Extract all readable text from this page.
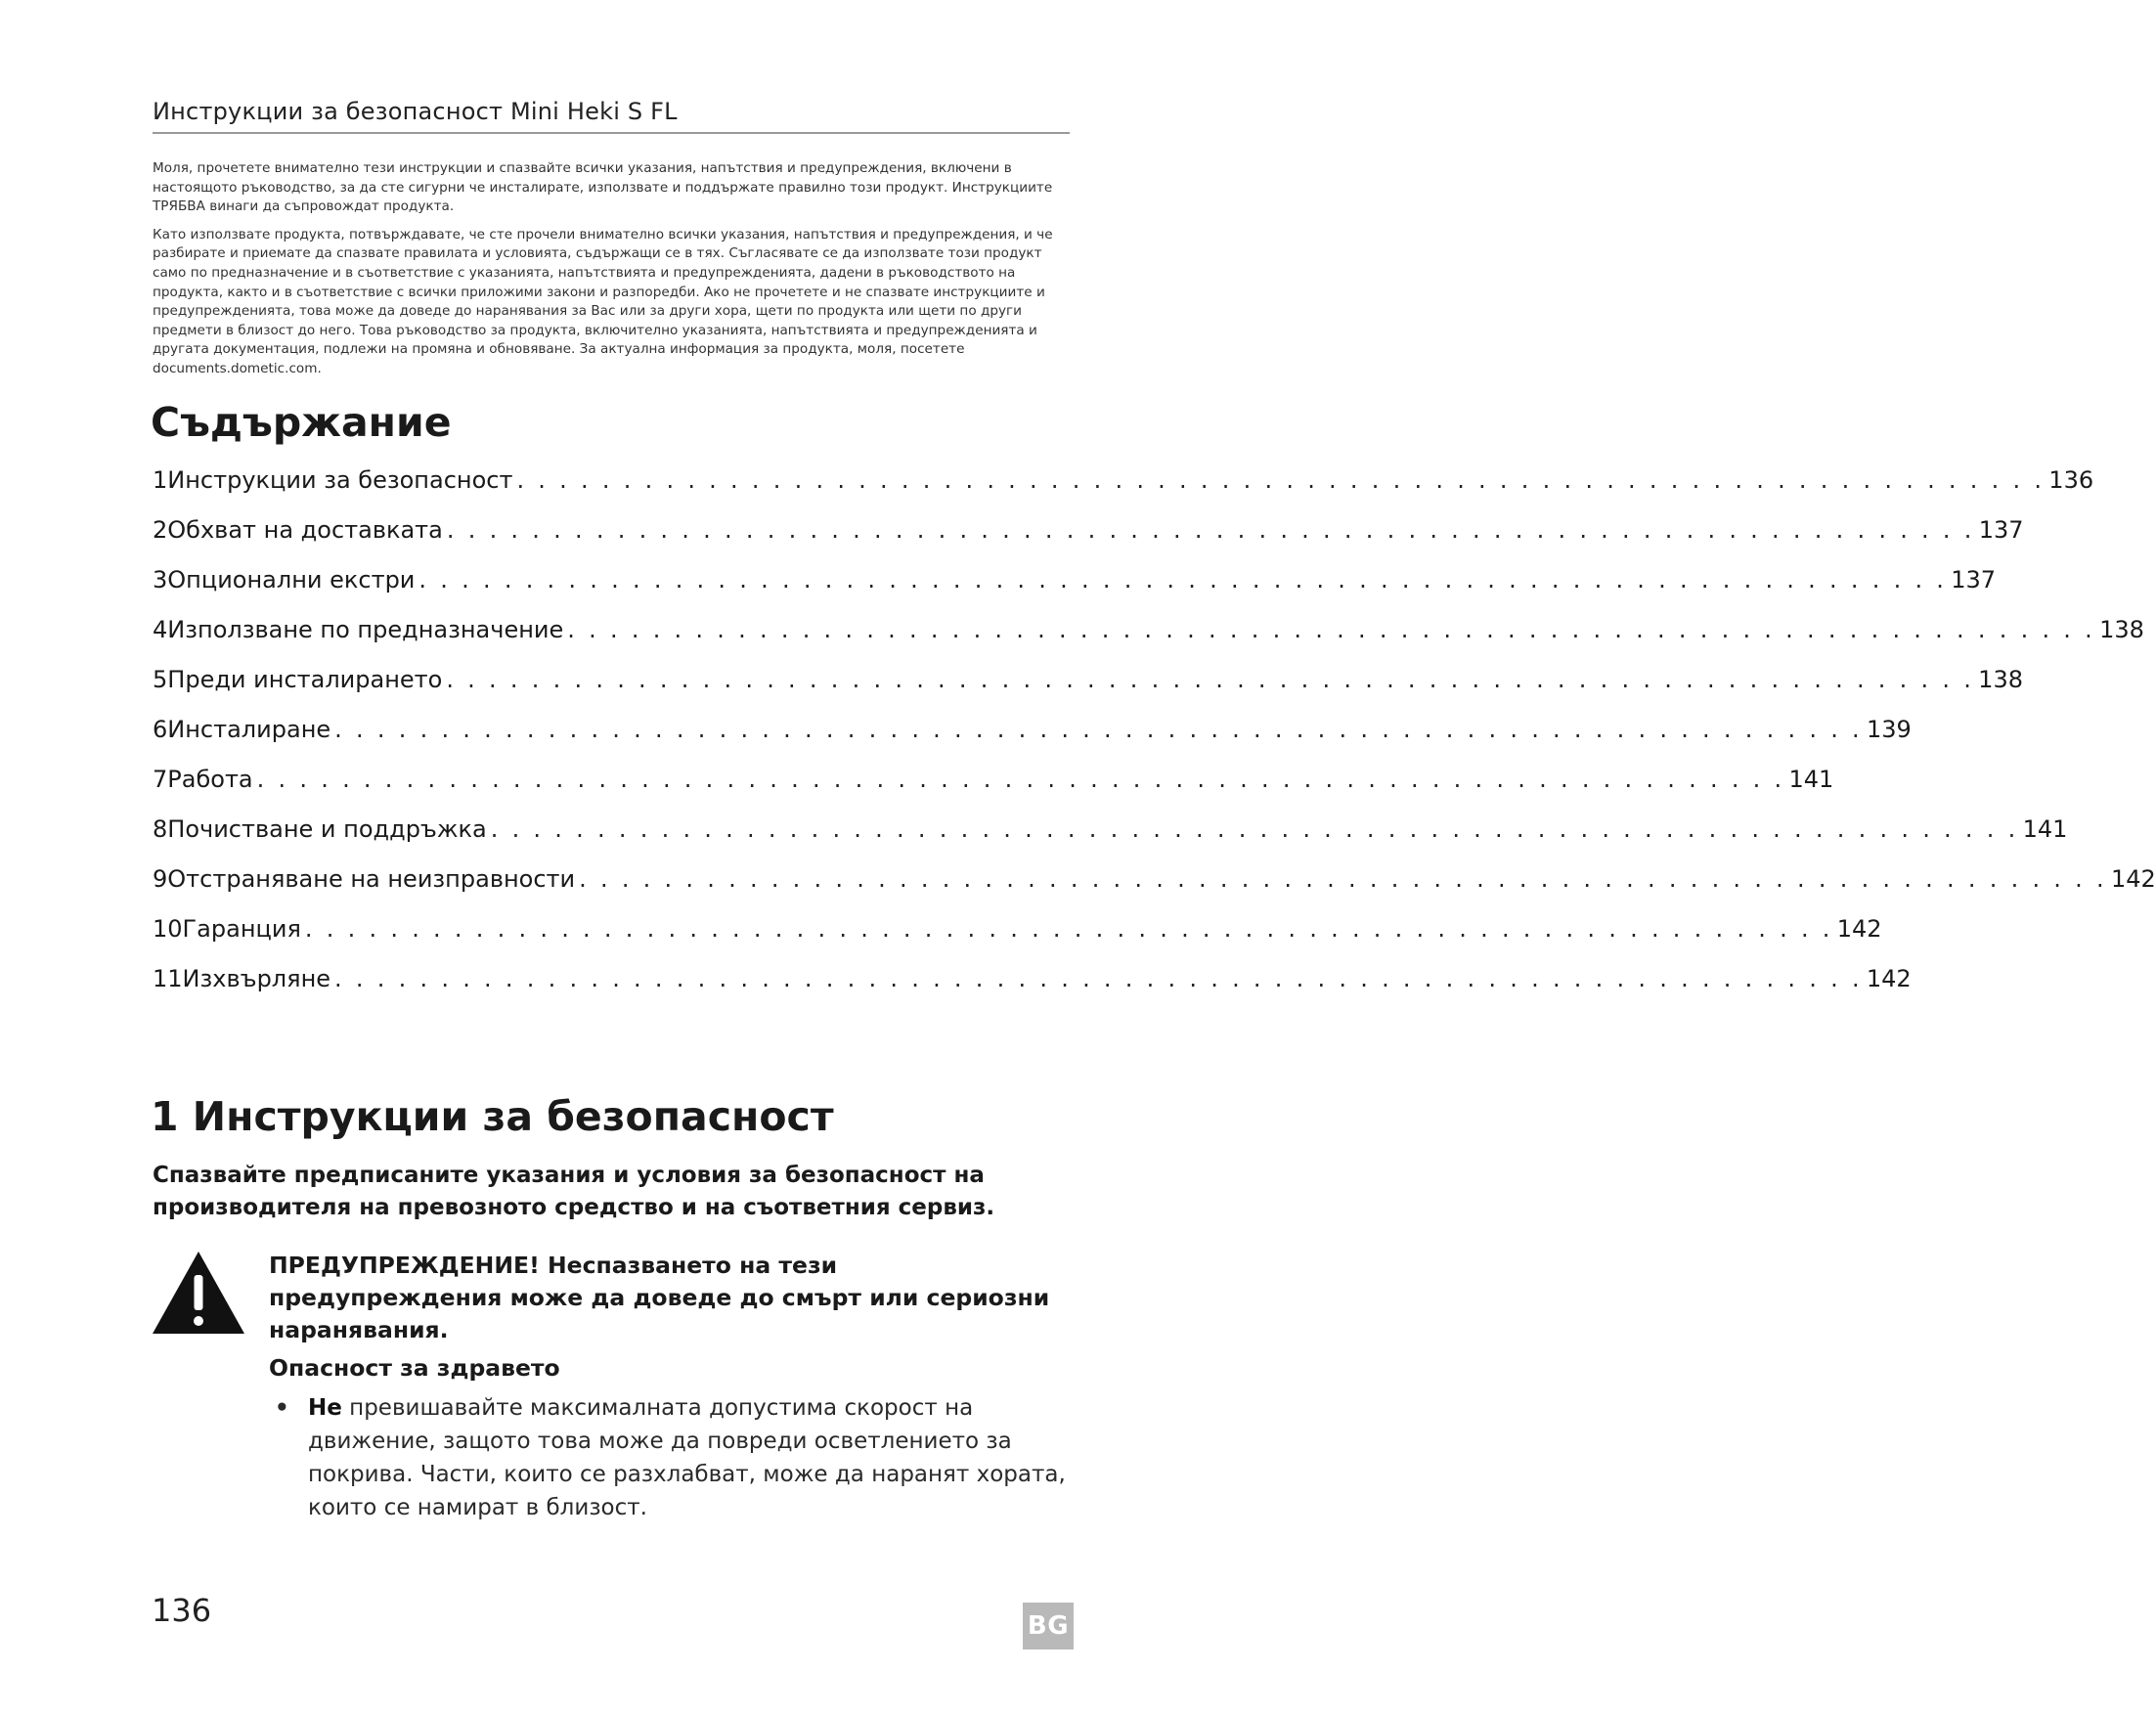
Инструкции за безопасност Mini Heki S FL

Моля, прочетете внимателно тези инструкции и спазвайте всички указания, напътствия и предупреждения, включени в настоящото ръководство, за да сте сигурни че инсталирате, използвате и поддържате правилно този продукт. Инструкциите ТРЯБВА винаги да съпровождат продукта.

Като използвате продукта, потвърждавате, че сте прочели внимателно всички указания, напътствия и предупреждения, и че разбирате и приемате да спазвате правилата и условията, съдържащи се в тях. Съгласявате се да използвате този продукт само по предназначение и в съответствие с указанията, напътствията и предупрежденията, дадени в ръководството на продукта, както и в съответствие с всички приложими закони и разпоредби. Ако не прочетете и не спазвате инструкциите и предупрежденията, това може да доведе до наранявания за Вас или за други хора, щети по продукта или щети по други предмети в близост до него. Това ръководство за продукта, включително указанията, напътствията и предупрежденията и другата документация, подлежи на промяна и обновяване. За актуална информация за продукта, моля, посетете documents.dometic.com.

Съдържание
1 Инструкции за безопасност . . . . . . . . . . . . . . . . . . . . . . . . . . . . . . . . . . . . . . . . . . . . . . . . . . . . . . . . . . . . . . . . . . . . . . . . 136
2 Обхват на доставката . . . . . . . . . . . . . . . . . . . . . . . . . . . . . . . . . . . . . . . . . . . . . . . . . . . . . . . . . . . . . . . . . . . . . . . . 137
3 Опционални екстри . . . . . . . . . . . . . . . . . . . . . . . . . . . . . . . . . . . . . . . . . . . . . . . . . . . . . . . . . . . . . . . . . . . . . . . . 137
4 Използване по предназначение . . . . . . . . . . . . . . . . . . . . . . . . . . . . . . . . . . . . . . . . . . . . . . . . . . . . . . . . . . . . . . . . . . . . . . . . 138
5 Преди инсталирането . . . . . . . . . . . . . . . . . . . . . . . . . . . . . . . . . . . . . . . . . . . . . . . . . . . . . . . . . . . . . . . . . . . . . . . . 138
6 Инсталиране . . . . . . . . . . . . . . . . . . . . . . . . . . . . . . . . . . . . . . . . . . . . . . . . . . . . . . . . . . . . . . . . . . . . . . . . 139
7 Работа . . . . . . . . . . . . . . . . . . . . . . . . . . . . . . . . . . . . . . . . . . . . . . . . . . . . . . . . . . . . . . . . . . . . . . . . 141
8 Почистване и поддръжка . . . . . . . . . . . . . . . . . . . . . . . . . . . . . . . . . . . . . . . . . . . . . . . . . . . . . . . . . . . . . . . . . . . . . . . . 141
9 Отстраняване на неизправности . . . . . . . . . . . . . . . . . . . . . . . . . . . . . . . . . . . . . . . . . . . . . . . . . . . . . . . . . . . . . . . . . . . . . . . . 142
10 Гаранция . . . . . . . . . . . . . . . . . . . . . . . . . . . . . . . . . . . . . . . . . . . . . . . . . . . . . . . . . . . . . . . . . . . . . . . . 142
11 Изхвърляне . . . . . . . . . . . . . . . . . . . . . . . . . . . . . . . . . . . . . . . . . . . . . . . . . . . . . . . . . . . . . . . . . . . . . . . . 142
1 Инструкции за безопасност

Спазвайте предписаните указания и условия за безопасност на производителя на превозното средство и на съответния сервиз.

ПРЕДУПРЕЖДЕНИЕ! Неспазването на тези предупреждения може да доведе до смърт или сериозни наранявания.

Опасност за здравето

• Не превишавайте максималната допустима скорост на движение, защото това може да повреди осветлението за покрива. Части, които се разхлабват, може да наранят хората, които се намират в близост.
136	BG
